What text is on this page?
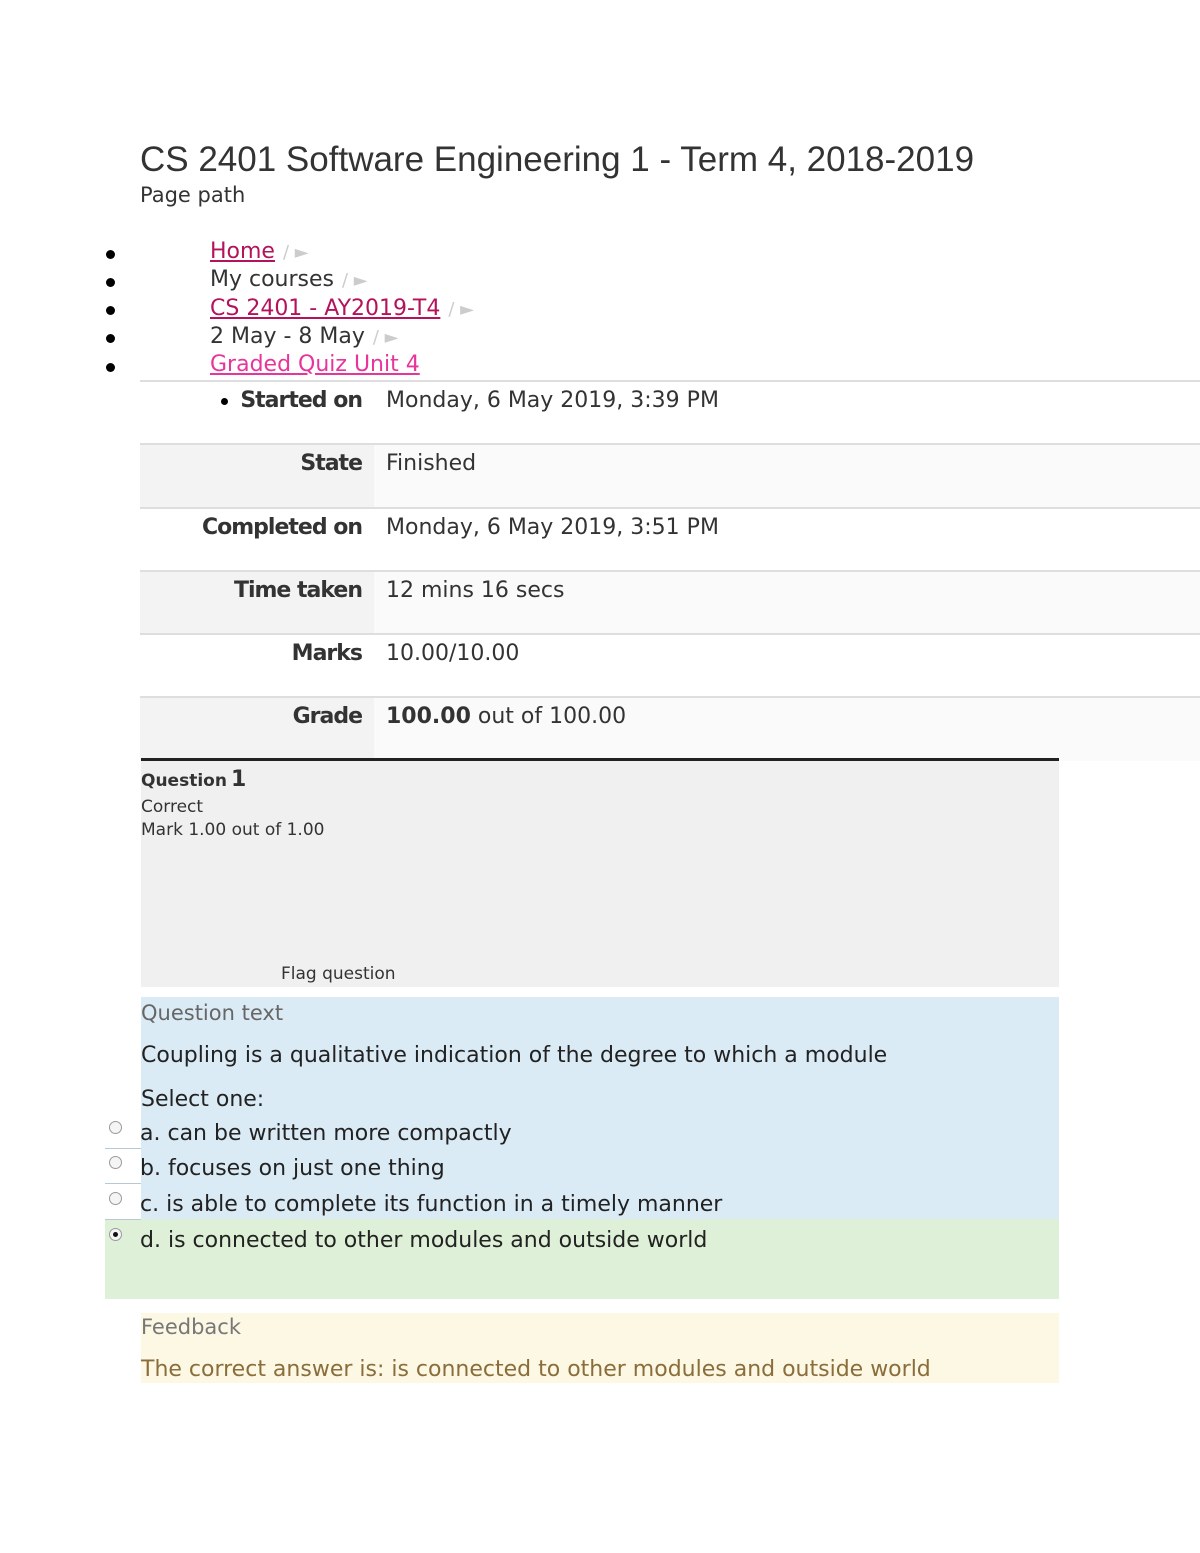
CS 2401 Software Engineering 1 - Term 4, 2018-2019
Page path
Home / ►
My courses / ►
CS 2401 - AY2019-T4 / ►
2 May - 8 May / ►
Graded Quiz Unit 4
Started on Monday, 6 May 2019, 3:39 PM
State Finished
Completed on Monday, 6 May 2019, 3:51 PM
Time taken 12 mins 16 secs
Marks 10.00/10.00
Grade 100.00 out of 100.00
Question 1
Correct
Mark 1.00 out of 1.00
Flag question
Question text
Coupling is a qualitative indication of the degree to which a module
Select one:
a. can be written more compactly
b. focuses on just one thing
c. is able to complete its function in a timely manner
d. is connected to other modules and outside world
Feedback
The correct answer is: is connected to other modules and outside world
